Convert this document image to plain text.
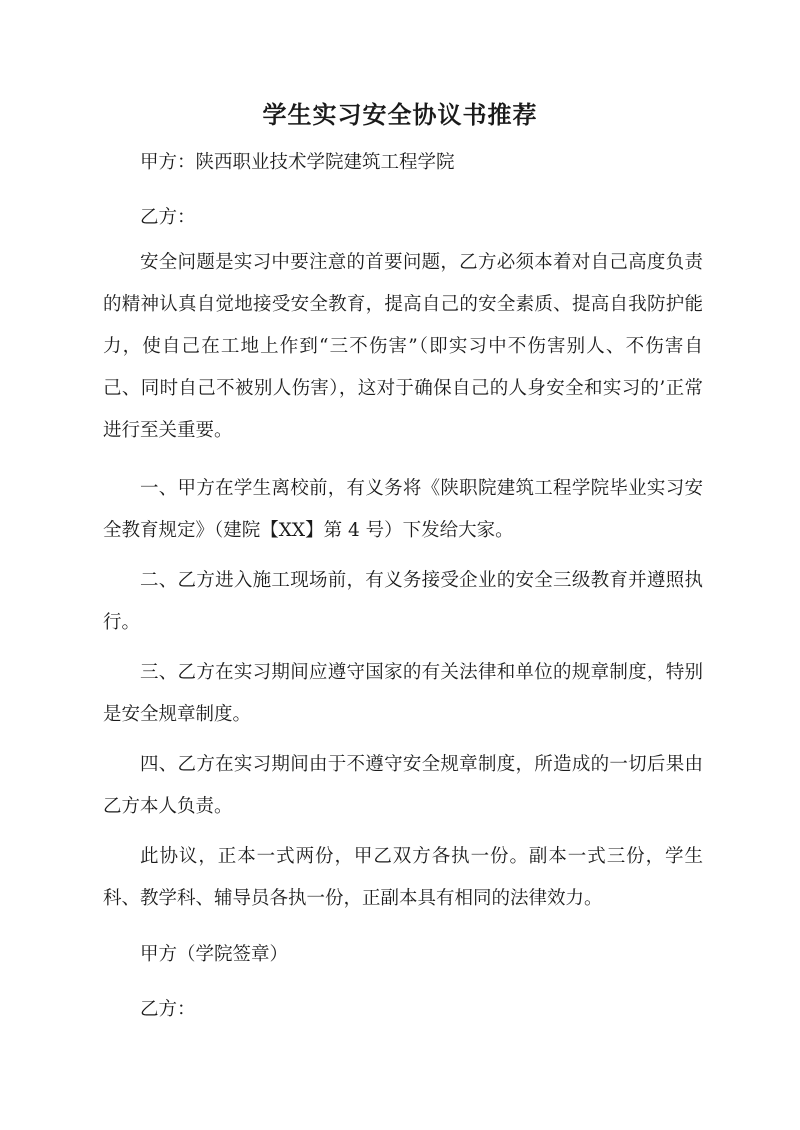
学生实习安全协议书推荐

甲方：陕西职业技术学院建筑工程学院

乙方：

安全问题是实习中要注意的首要问题，乙方必须本着对自己高度负责的精神认真自觉地接受安全教育，提高自己的安全素质、提高自我防护能力，使自己在工地上作到“三不伤害”（即实习中不伤害别人、不伤害自己、同时自己不被别人伤害），这对于确保自己的人身安全和实习的’正常进行至关重要。

一、甲方在学生离校前，有义务将《陕职院建筑工程学院毕业实习安全教育规定》（建院【XX】第 4 号）下发给大家。

二、乙方进入施工现场前，有义务接受企业的安全三级教育并遵照执行。

三、乙方在实习期间应遵守国家的有关法律和单位的规章制度，特别是安全规章制度。

四、乙方在实习期间由于不遵守安全规章制度，所造成的一切后果由乙方本人负责。

此协议，正本一式两份，甲乙双方各执一份。副本一式三份，学生科、教学科、辅导员各执一份，正副本具有相同的法律效力。

甲方（学院签章）

乙方：
